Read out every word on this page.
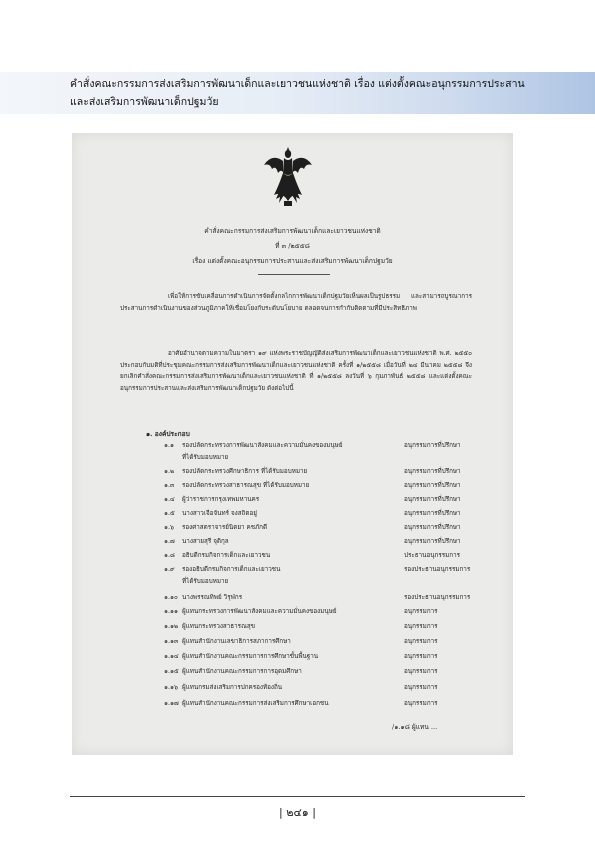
คำสั่งคณะกรรมการส่งเสริมการพัฒนาเด็กและเยาวชนแห่งชาติ เรื่อง แต่งตั้งคณะอนุกรรมการประสานและส่งเสริมการพัฒนาเด็กปฐมวัย
คำสั่งคณะกรรมการส่งเสริมการพัฒนาเด็กและเยาวชนแห่งชาติ
ที่ ๓ /๒๕๕๘
เรื่อง แต่งตั้งคณะอนุกรรมการประสานและส่งเสริมการพัฒนาเด็กปฐมวัย
เพื่อให้การขับเคลื่อนการดำเนินการจัดตั้งกลไกการพัฒนาเด็กปฐมวัยเห็นผลเป็นรูปธรรม และสามารถบูรณาการ ประสานการดำเนินงานของส่วนภูมิภาคให้เชื่อมโยงกับระดับนโยบาย ตลอดจนการกำกับติดตามที่มีประสิทธิภาพ
อาศัยอำนาจตามความในมาตรา ๑๙ แห่งพระราชบัญญัติส่งเสริมการพัฒนาเด็กและเยาวชนแห่งชาติ พ.ศ. ๒๕๕๐ ประกอบกับมติที่ประชุมคณะกรรมการส่งเสริมการพัฒนาเด็กและเยาวชนแห่งชาติ ครั้งที่ ๑/๒๕๕๘ เมื่อวันที่ ๒๔ มีนาคม ๒๕๕๘ จึงยกเลิกคำสั่งคณะกรรมการส่งเสริมการพัฒนาเด็กและเยาวชนแห่งชาติ ที่ ๑/๒๕๕๘ ลงวันที่ ๖ กุมภาพันธ์ ๒๕๕๘ และแต่งตั้งคณะอนุกรรมการประสานและส่งเสริมการพัฒนาเด็กปฐมวัย ดังต่อไปนี้
๑. องค์ประกอบ
๑.๑	รองปลัดกระทรวงการพัฒนาสังคมและความมั่นคงของมนุษย์	อนุกรรมการที่ปรึกษา
ที่ได้รับมอบหมาย
๑.๒	รองปลัดกระทรวงศึกษาธิการ ที่ได้รับมอบหมาย	อนุกรรมการที่ปรึกษา
๑.๓	รองปลัดกระทรวงสาธารณสุข ที่ได้รับมอบหมาย	อนุกรรมการที่ปรึกษา
๑.๔	ผู้ว่าราชการกรุงเทพมหานคร	อนุกรรมการที่ปรึกษา
๑.๕	นางสาวเจือจันทร์ จงสถิตอยู่	อนุกรรมการที่ปรึกษา
๑.๖	รองศาสตราจารย์นิตยา คชภักดี	อนุกรรมการที่ปรึกษา
๑.๗	นางสายสุรี จุติกุล	อนุกรรมการที่ปรึกษา
๑.๘	อธิบดีกรมกิจการเด็กและเยาวชน	ประธานอนุกรรมการ
๑.๙	รองอธิบดีกรมกิจการเด็กและเยาวชน	รองประธานอนุกรรมการ
ที่ได้รับมอบหมาย
๑.๑๐ นางพรรณทิพย์ วิรุฬกร	รองประธานอนุกรรมการ
๑.๑๑ ผู้แทนกระทรวงการพัฒนาสังคมและความมั่นคงของมนุษย์	อนุกรรมการ
๑.๑๒ ผู้แทนกระทรวงสาธารณสุข	อนุกรรมการ
๑.๑๓ ผู้แทนสำนักงานเลขาธิการสภาการศึกษา	อนุกรรมการ
๑.๑๔ ผู้แทนสำนักงานคณะกรรมการการศึกษาขั้นพื้นฐาน	อนุกรรมการ
๑.๑๕ ผู้แทนสำนักงานคณะกรรมการการอุดมศึกษา	อนุกรรมการ
๑.๑๖ ผู้แทนกรมส่งเสริมการปกครองท้องถิ่น	อนุกรรมการ
๑.๑๗ ผู้แทนสำนักงานคณะกรรมการส่งเสริมการศึกษาเอกชน	อนุกรรมการ
/๑.๑๘ ผู้แทน ...
| ๒๔๑ |
